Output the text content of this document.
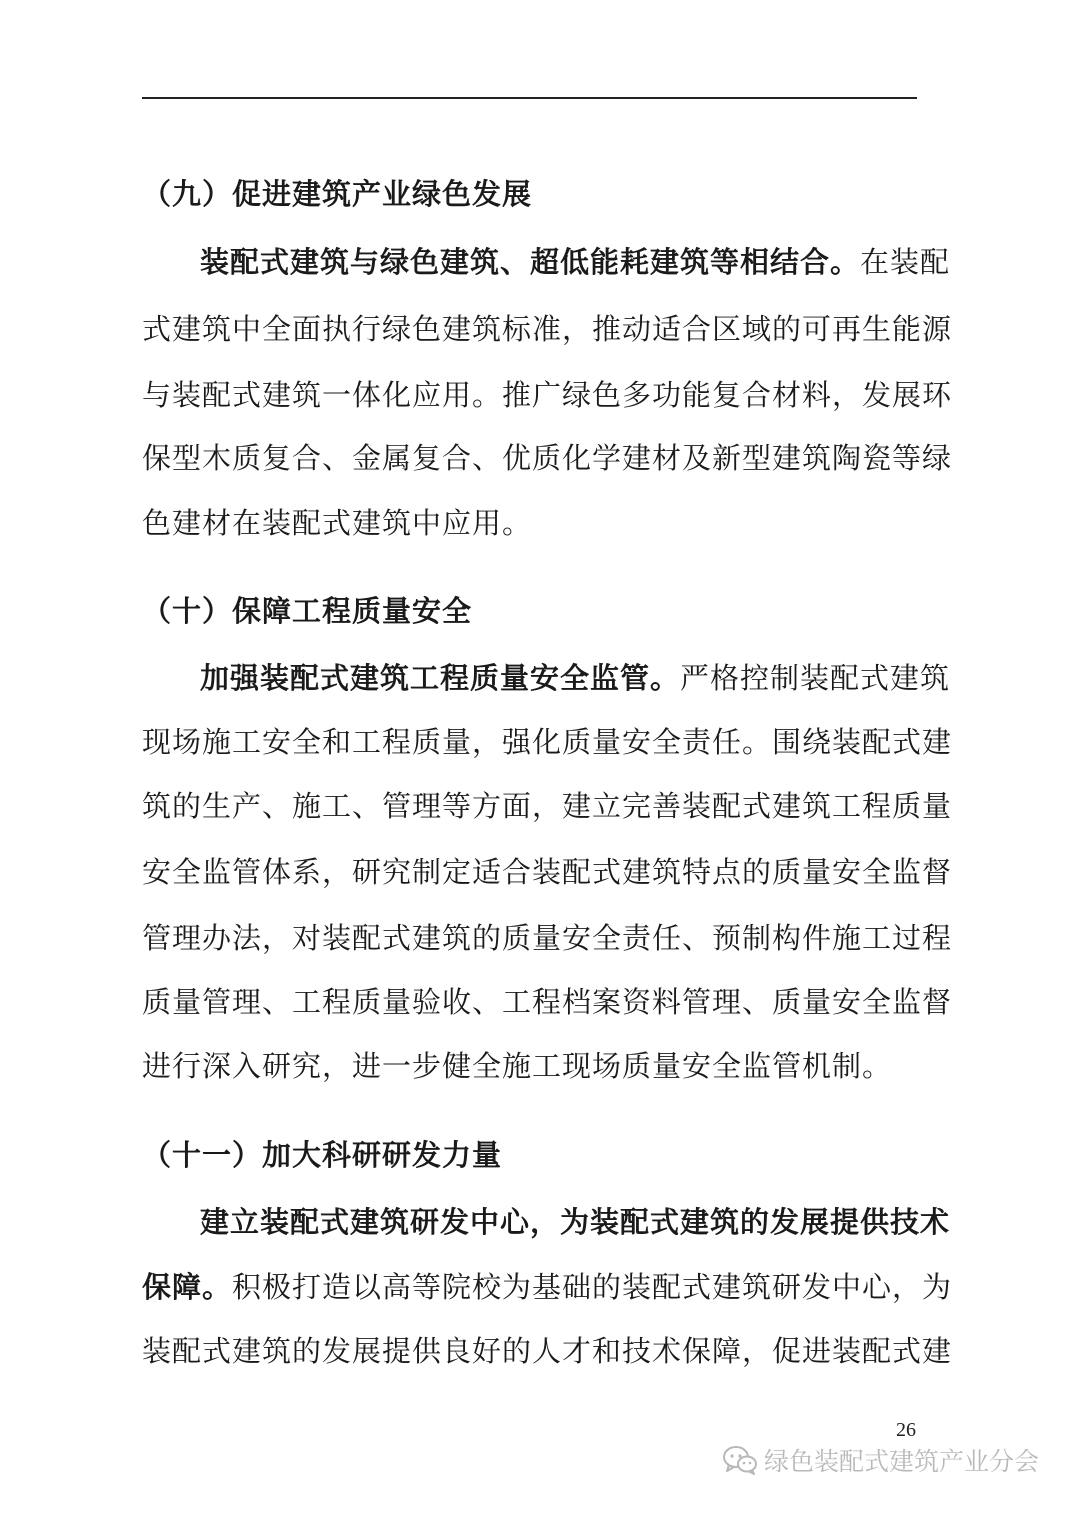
（九）促进建筑产业绿色发展
装配式建筑与绿色建筑、超低能耗建筑等相结合。在装配
式建筑中全面执行绿色建筑标准，推动适合区域的可再生能源
与装配式建筑一体化应用。推广绿色多功能复合材料，发展环
保型木质复合、金属复合、优质化学建材及新型建筑陶瓷等绿
色建材在装配式建筑中应用。
（十）保障工程质量安全
加强装配式建筑工程质量安全监管。严格控制装配式建筑
现场施工安全和工程质量，强化质量安全责任。围绕装配式建
筑的生产、施工、管理等方面，建立完善装配式建筑工程质量
安全监管体系，研究制定适合装配式建筑特点的质量安全监督
管理办法，对装配式建筑的质量安全责任、预制构件施工过程
质量管理、工程质量验收、工程档案资料管理、质量安全监督
进行深入研究，进一步健全施工现场质量安全监管机制。
（十一）加大科研研发力量
建立装配式建筑研发中心，为装配式建筑的发展提供技术
保障。积极打造以高等院校为基础的装配式建筑研发中心，为
装配式建筑的发展提供良好的人才和技术保障，促进装配式建
26
绿色装配式建筑产业分会
